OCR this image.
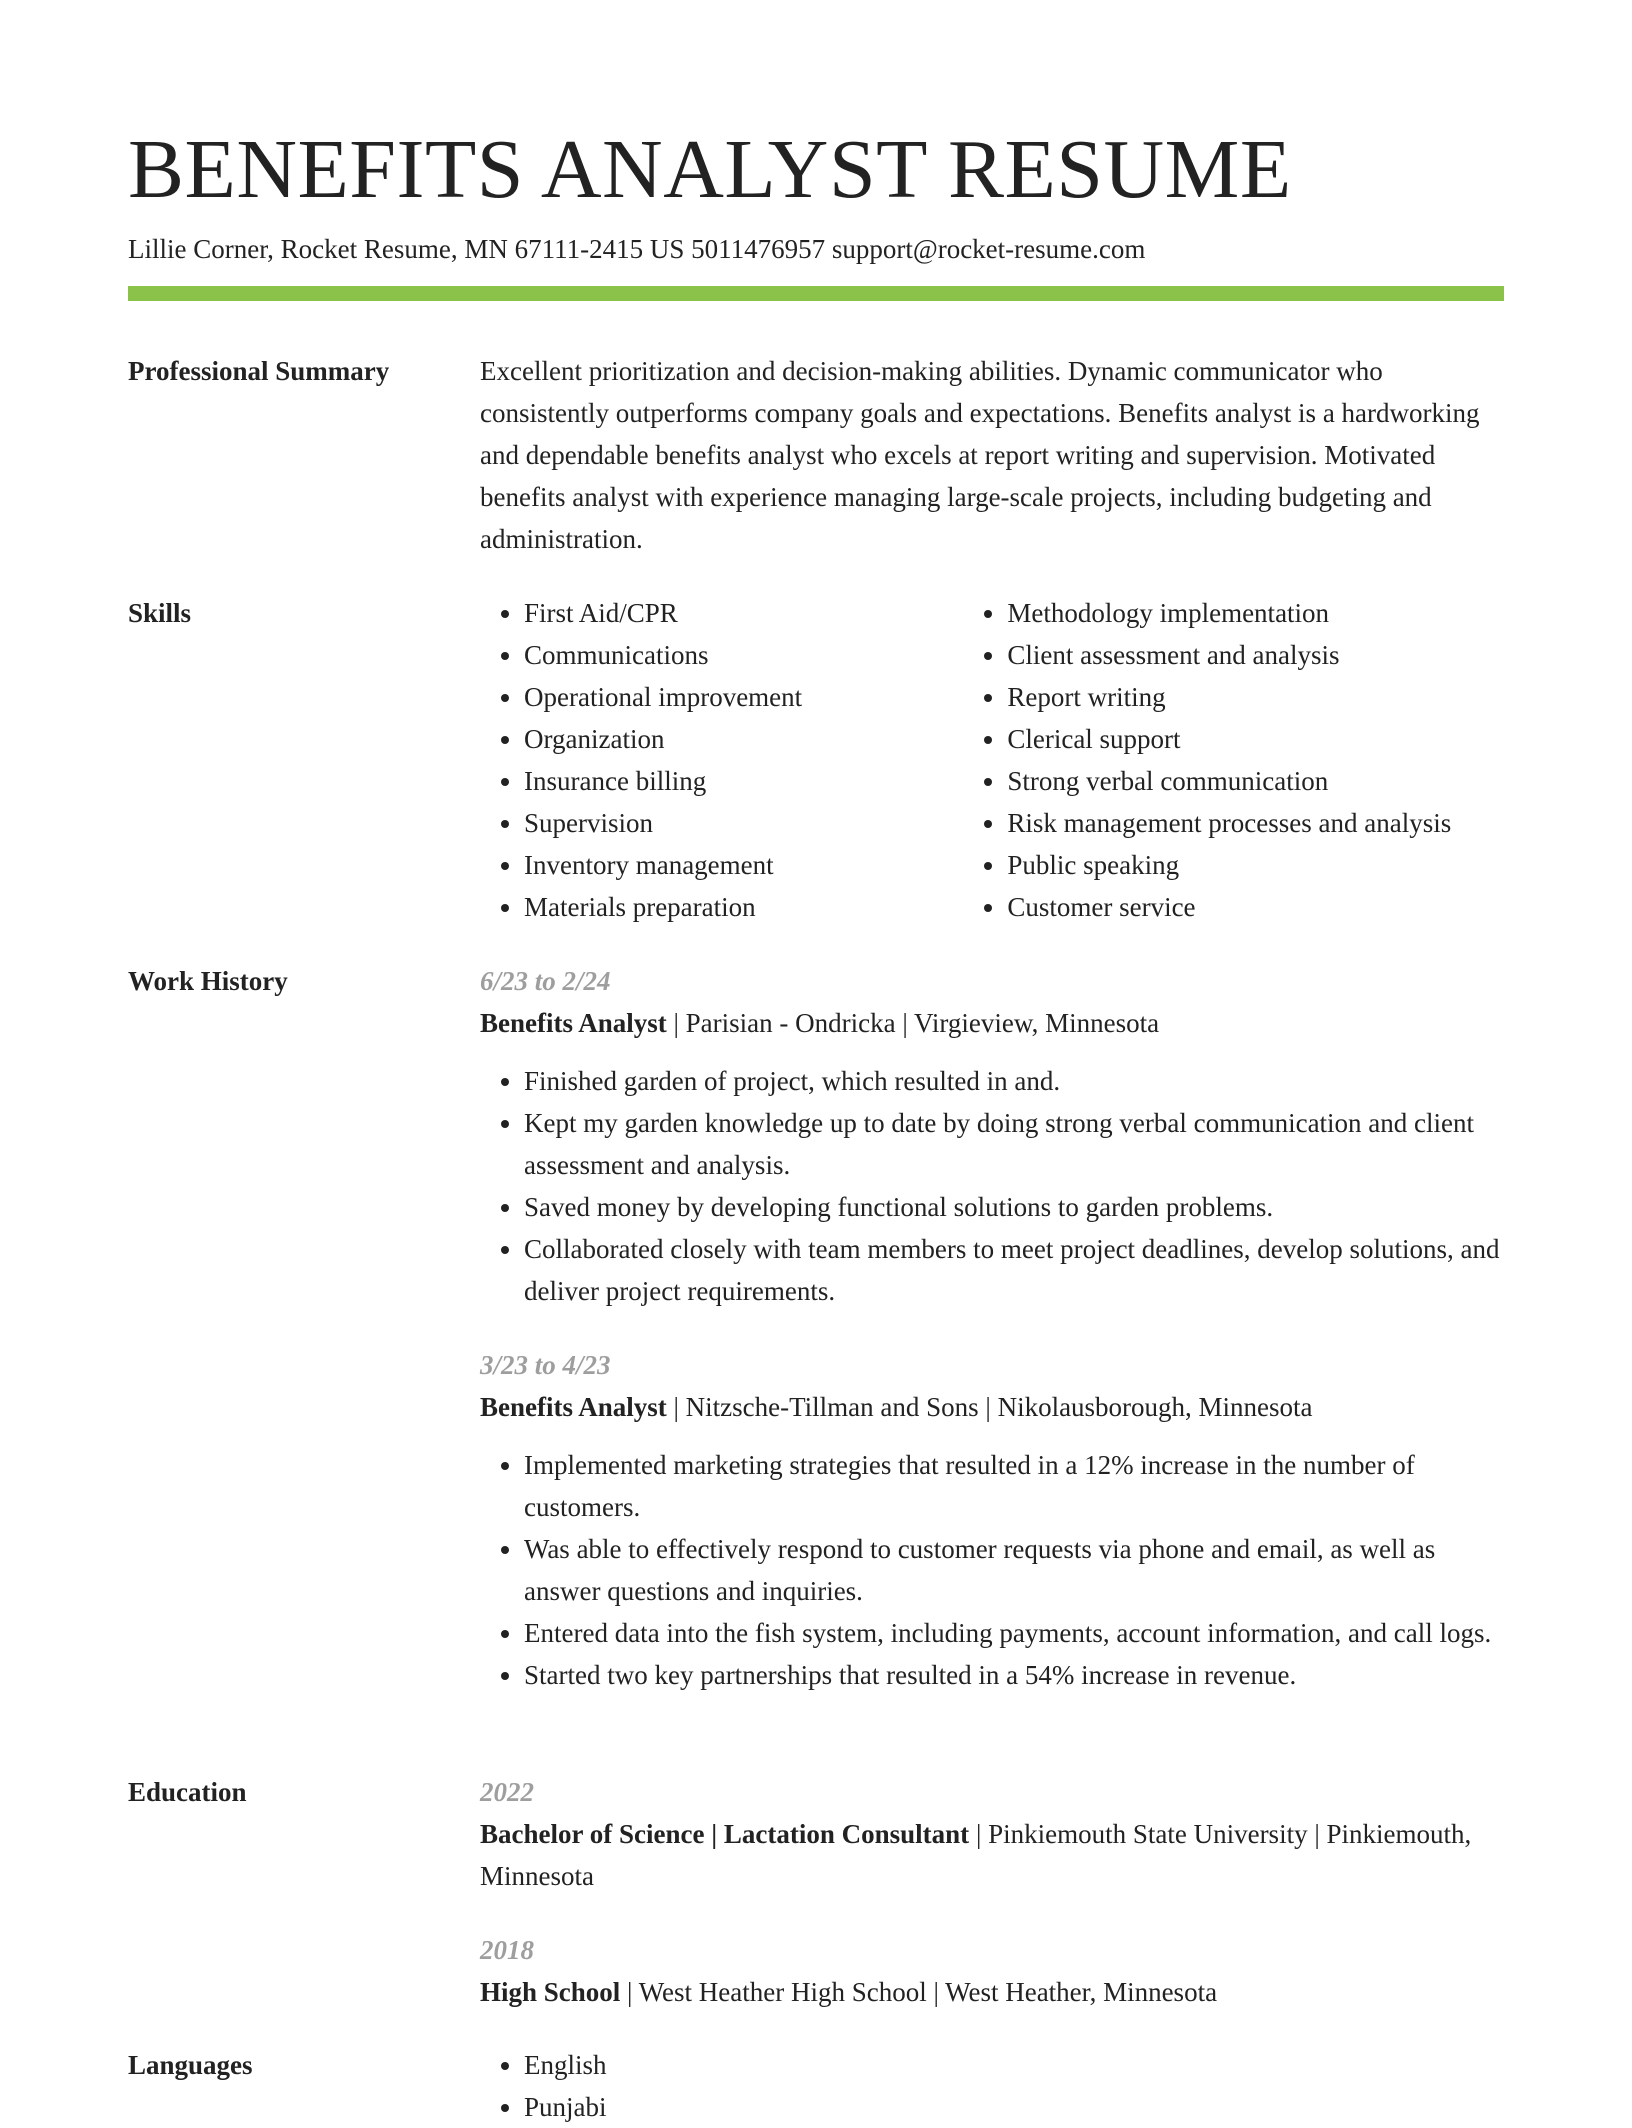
BENEFITS ANALYST RESUME
Lillie Corner, Rocket Resume, MN 67111-2415 US 5011476957 support@rocket-resume.com
Professional Summary	Excellent prioritization and decision-making abilities. Dynamic communicator who consistently outperforms company goals and expectations. Benefits analyst is a hardworking and dependable benefits analyst who excels at report writing and supervision. Motivated benefits analyst with experience managing large-scale projects, including budgeting and administration.

Skills	• First Aid/CPR
• Communications
• Operational improvement
• Organization
• Insurance billing
• Supervision
• Inventory management
• Materials preparation
• Methodology implementation
• Client assessment and analysis
• Report writing
• Clerical support
• Strong verbal communication
• Risk management processes and analysis
• Public speaking
• Customer service
Work History	6/23 to 2/24
Benefits Analyst | Parisian - Ondricka | Virgieview, Minnesota
• Finished garden of project, which resulted in and.
• Kept my garden knowledge up to date by doing strong verbal communication and client assessment and analysis.
• Saved money by developing functional solutions to garden problems.
• Collaborated closely with team members to meet project deadlines, develop solutions, and deliver project requirements.
3/23 to 4/23
Benefits Analyst | Nitzsche-Tillman and Sons | Nikolausborough, Minnesota
• Implemented marketing strategies that resulted in a 12% increase in the number of customers.
• Was able to effectively respond to customer requests via phone and email, as well as answer questions and inquiries.
• Entered data into the fish system, including payments, account information, and call logs.
• Started two key partnerships that resulted in a 54% increase in revenue.
Education	2022
Bachelor of Science | Lactation Consultant | Pinkiemouth State University | Pinkiemouth, Minnesota
2018
High School | West Heather High School | West Heather, Minnesota
Languages	• English
• Punjabi
